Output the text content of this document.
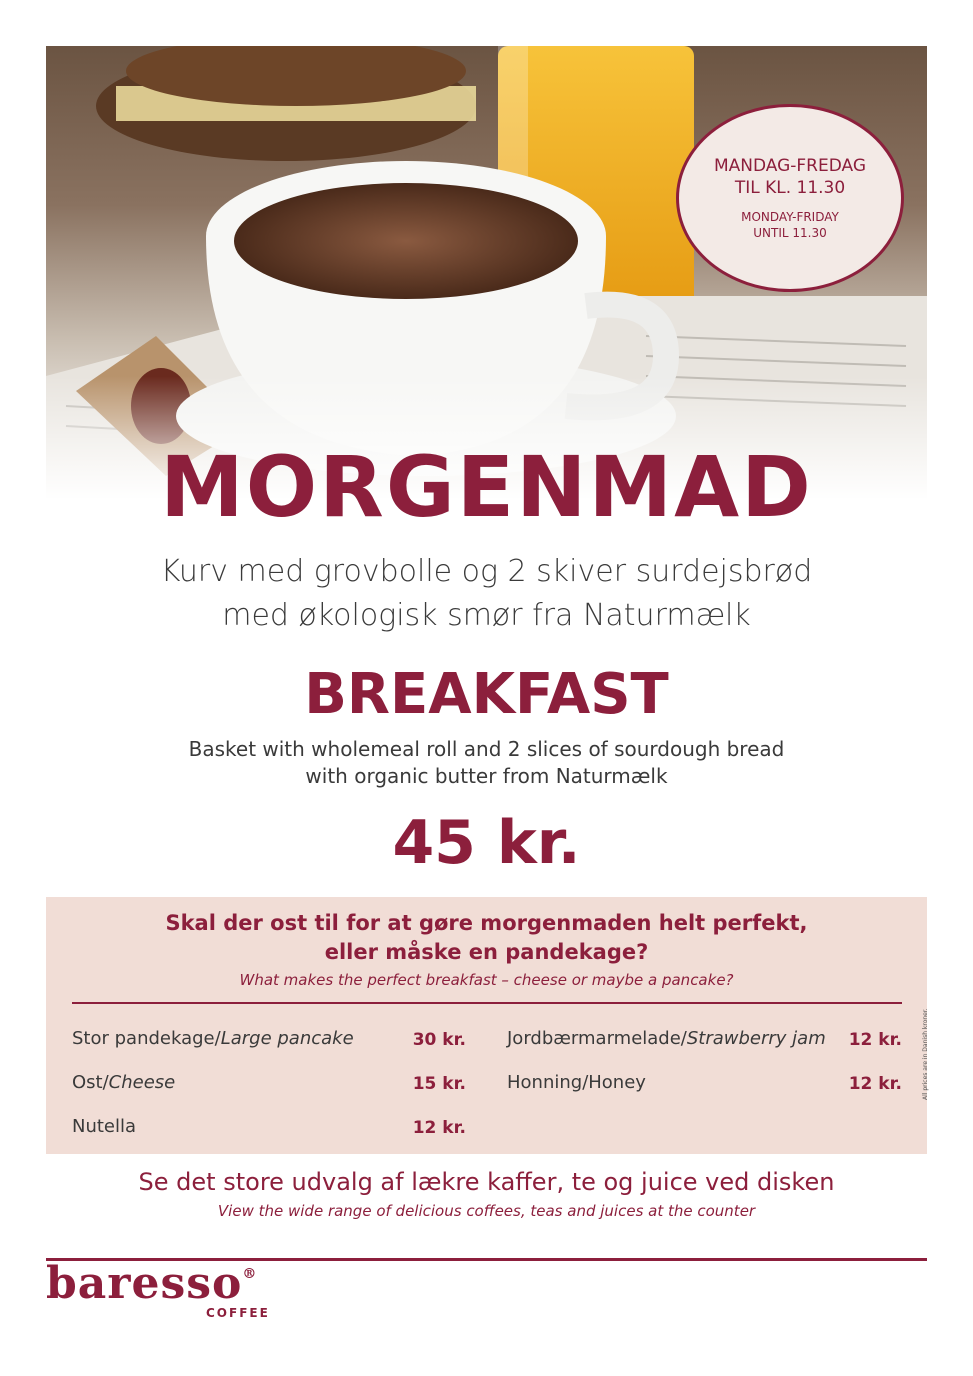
MANDAG-FREDAG
TIL KL. 11.30
MONDAY-FRIDAY
UNTIL 11.30
MORGENMAD
Kurv med grovbolle og 2 skiver surdejsbrød
med økologisk smør fra Naturmælk
BREAKFAST
Basket with wholemeal roll and 2 slices of sourdough bread
with organic butter from Naturmælk
45 kr.
Skal der ost til for at gøre morgenmaden helt perfekt,
eller måske en pandekage?
What makes the perfect breakfast – cheese or maybe a pancake?
Stor pandekage/Large pancake	30 kr.
Ost/Cheese	15 kr.
Nutella	12 kr.
Jordbærmarmelade/Strawberry jam	12 kr.
Honning/Honey	12 kr.	All prices are in Danish kroner.
Se det store udvalg af lækre kaffer, te og juice ved disken
View the wide range of delicious coffees, teas and juices at the counter
baresso®
COFFEE
